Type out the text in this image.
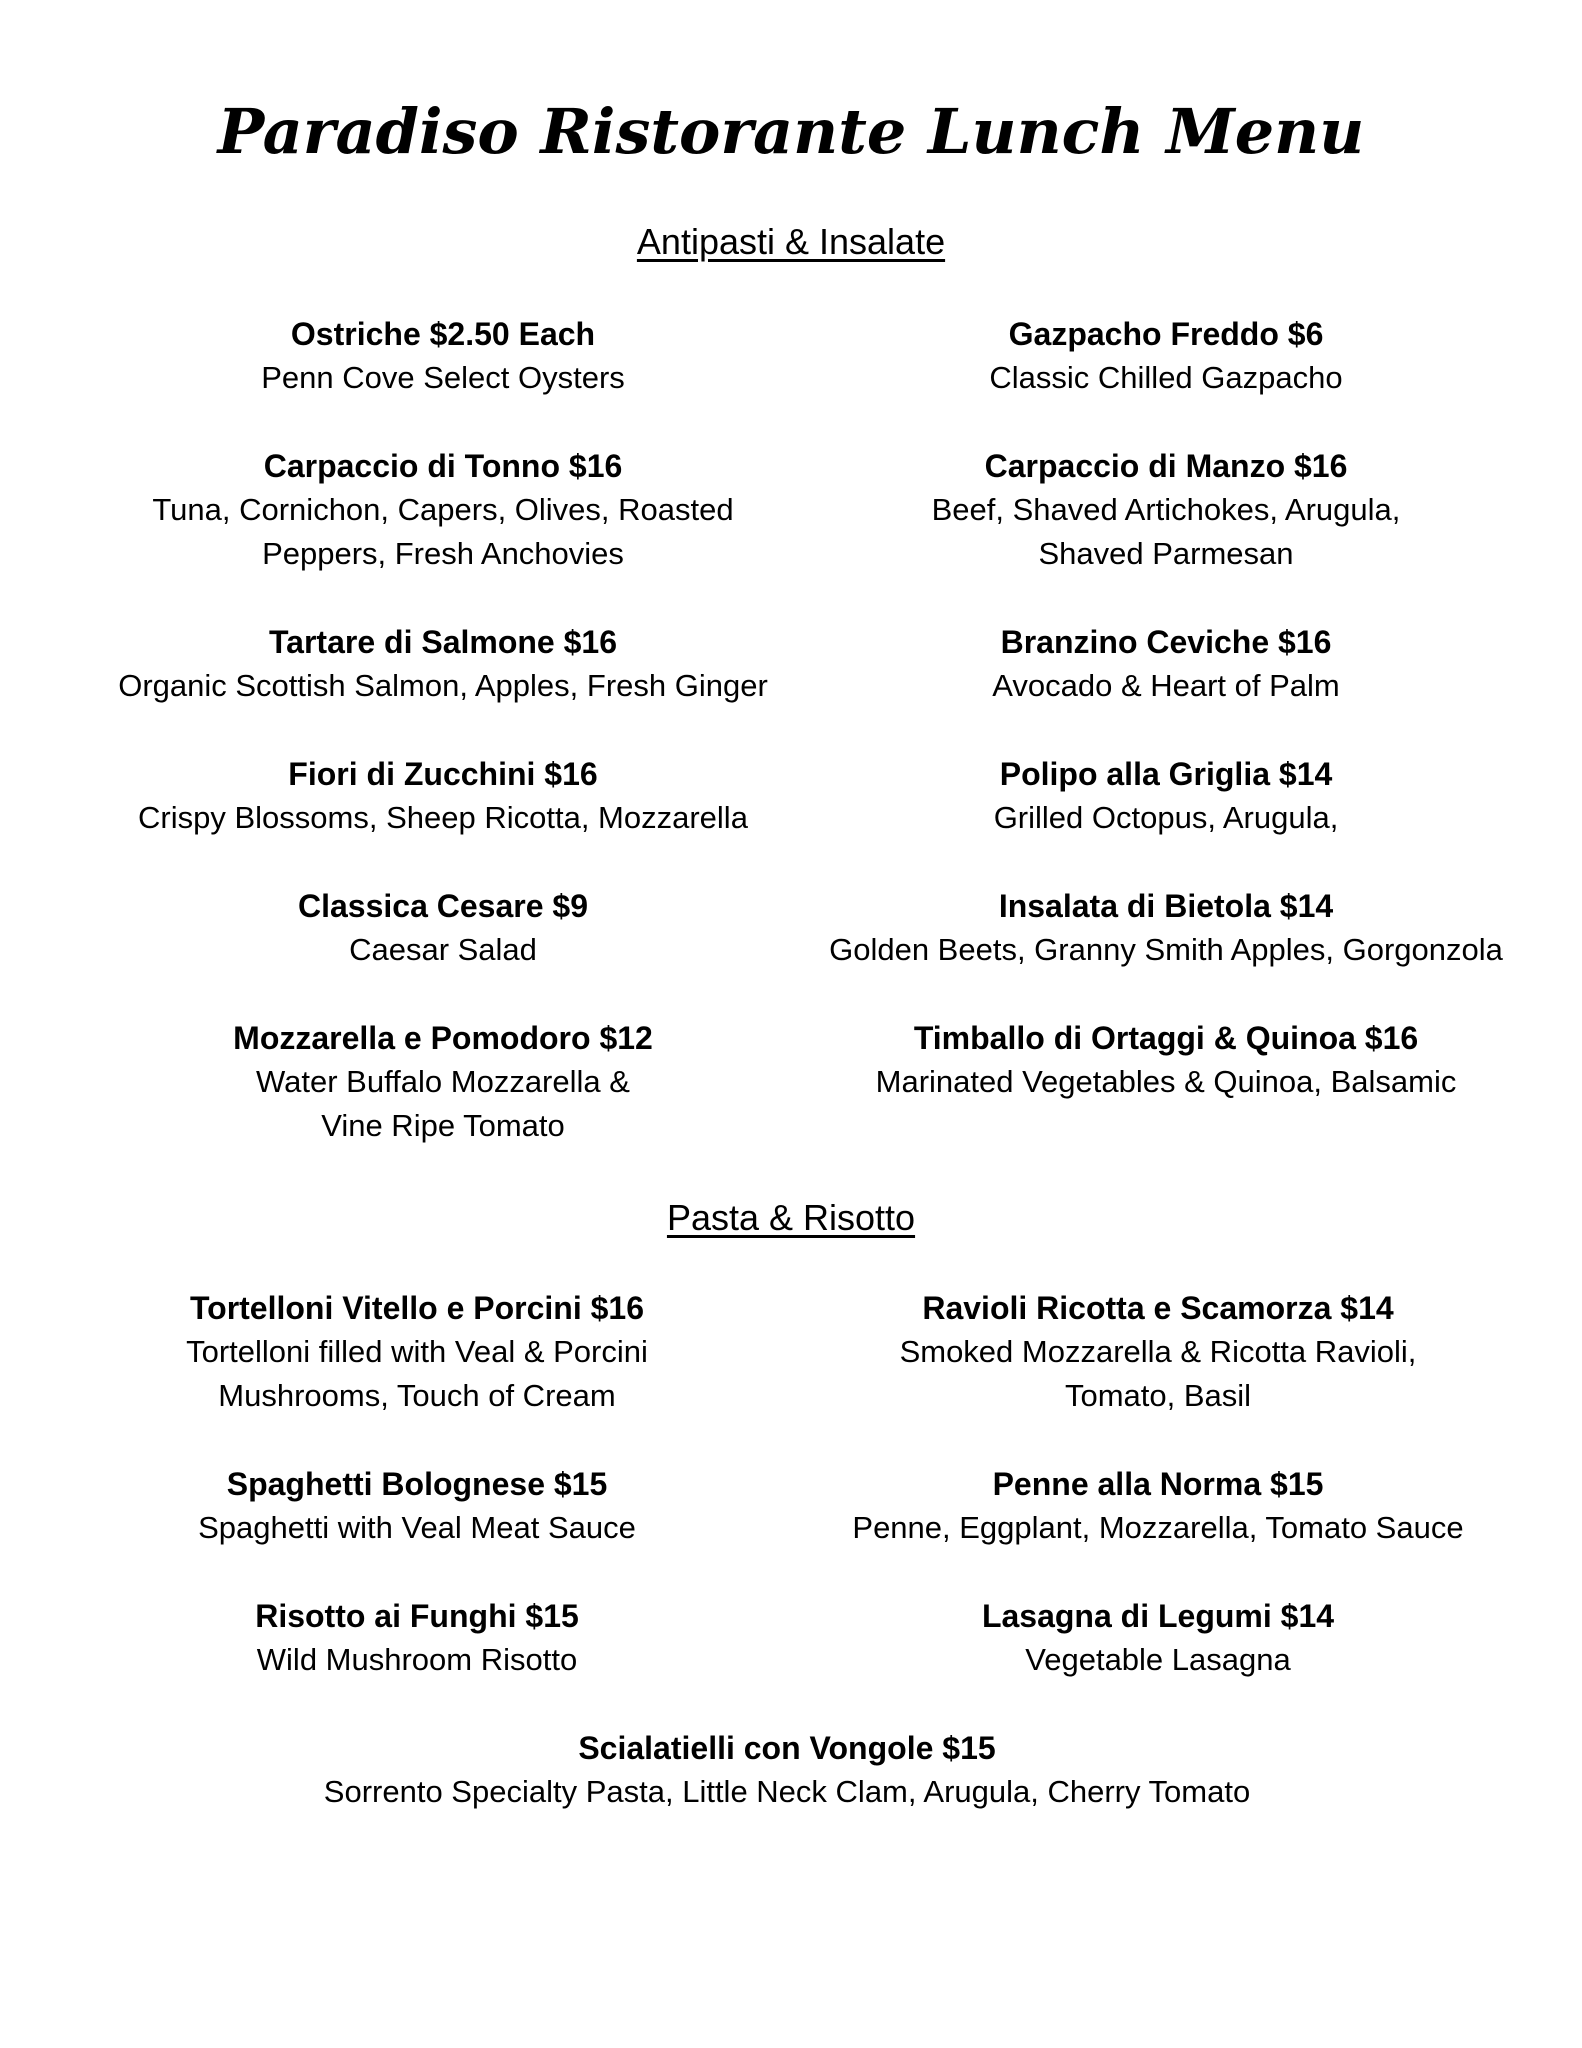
Paradiso Ristorante Lunch Menu
Antipasti & Insalate
Ostriche $2.50 Each
Penn Cove Select Oysters
Gazpacho Freddo $6
Classic Chilled Gazpacho
Carpaccio di Tonno $16
Tuna, Cornichon, Capers, Olives, Roasted
Peppers, Fresh Anchovies
Carpaccio di Manzo $16
Beef, Shaved Artichokes, Arugula,
Shaved Parmesan
Tartare di Salmone $16
Organic Scottish Salmon, Apples, Fresh Ginger
Branzino Ceviche $16
Avocado & Heart of Palm
Fiori di Zucchini $16
Crispy Blossoms, Sheep Ricotta, Mozzarella
Polipo alla Griglia $14
Grilled Octopus, Arugula,
Classica Cesare $9
Caesar Salad
Insalata di Bietola $14
Golden Beets, Granny Smith Apples, Gorgonzola
Mozzarella e Pomodoro $12
Water Buffalo Mozzarella &
Vine Ripe Tomato
Timballo di Ortaggi & Quinoa $16
Marinated Vegetables & Quinoa, Balsamic
Pasta & Risotto
Tortelloni Vitello e Porcini $16
Tortelloni filled with Veal & Porcini
Mushrooms, Touch of Cream
Ravioli Ricotta e Scamorza $14
Smoked Mozzarella & Ricotta Ravioli,
Tomato, Basil
Spaghetti Bolognese $15
Spaghetti with Veal Meat Sauce
Penne alla Norma $15
Penne, Eggplant, Mozzarella, Tomato Sauce
Risotto ai Funghi $15
Wild Mushroom Risotto
Lasagna di Legumi $14
Vegetable Lasagna
Scialatielli con Vongole $15
Sorrento Specialty Pasta, Little Neck Clam, Arugula, Cherry Tomato
